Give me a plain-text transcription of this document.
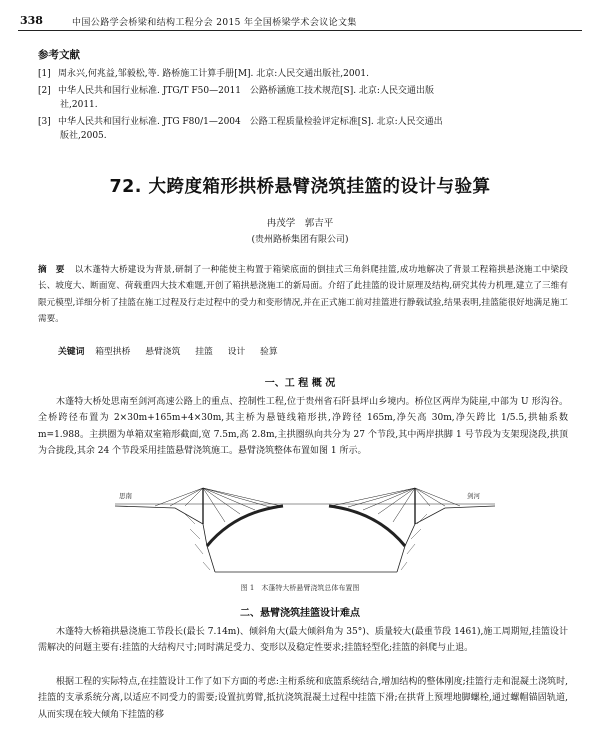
338	中国公路学会桥梁和结构工程分会 2015 年全国桥梁学术会议论文集
参考文献
[1] 周永兴,何兆益,邹毅松,等. 路桥施工计算手册[M]. 北京:人民交通出版社,2001.
[2] 中华人民共和国行业标准. JTG/T F50—2011　公路桥涵施工技术规范[S]. 北京:人民交通出版
社,2011.
[3] 中华人民共和国行业标准. JTG F80/1—2004　公路工程质量检验评定标准[S]. 北京:人民交通出
版社,2005.
72. 大跨度箱形拱桥悬臂浇筑挂篮的设计与验算
冉茂学　郭吉平
(贵州路桥集团有限公司)
摘　要 以木蓬特大桥建设为背景,研制了一种能使主构置于箱梁底面的倒挂式三角斜爬挂篮,成功地解决了背景工程箱拱悬浇施工中梁段长、坡度大、断面宽、荷载重四大技术难题,开创了箱拱悬浇施工的新局面。介绍了此挂篮的设计原理及结构,研究其传力机理,建立了三维有限元模型,详细分析了挂篮在施工过程及行走过程中的受力和变形情况,并在正式施工前对挂篮进行静载试验,结果表明,挂篮能很好地满足施工需要。
关键词 箱型拱桥 悬臂浇筑 挂篮 设计 验算
一、工 程 概 况
木蓬特大桥处思南至剑河高速公路上的重点、控制性工程,位于贵州省石阡县坪山乡境内。桥位区两岸为陡崖,中部为 U 形沟谷。全桥跨径布置为 2×30m+165m+4×30m,其主桥为悬链线箱形拱,净跨径 165m,净矢高 30m,净矢跨比 1/5.5,拱轴系数 m=1.988。主拱圈为单箱双室箱形截面,宽 7.5m,高 2.8m,主拱圈纵向共分为 27 个节段,其中两岸拱脚 1 号节段为支架现浇段,拱顶为合拢段,其余 24 个节段采用挂篮悬臂浇筑施工。悬臂浇筑整体布置如图 1 所示。
思南	剑河
图 1　木蓬特大桥悬臂浇筑总体布置图
二、悬臂浇筑挂篮设计难点
木蓬特大桥箱拱悬浇施工节段长(最长 7.14m)、倾斜角大(最大倾斜角为 35°)、质量较大(最重节段 1461),施工周期短,挂篮设计需解决的问题主要有:挂篮的大结构尺寸;同时满足受力、变形以及稳定性要求;挂篮轻型化;挂篮的斜爬与止退。
根据工程的实际特点,在挂篮设计工作了如下方面的考虑:主桁系统和底篮系统结合,增加结构的整体刚度;挂篮行走和混凝土浇筑时,挂篮的支承系统分离,以适应不同受力的需要;设置抗剪臂,抵抗浇筑混凝土过程中挂篮下滑;在拱背上预埋地脚螺栓,通过螺帽锚固轨道,从而实现在较大倾角下挂篮的移
